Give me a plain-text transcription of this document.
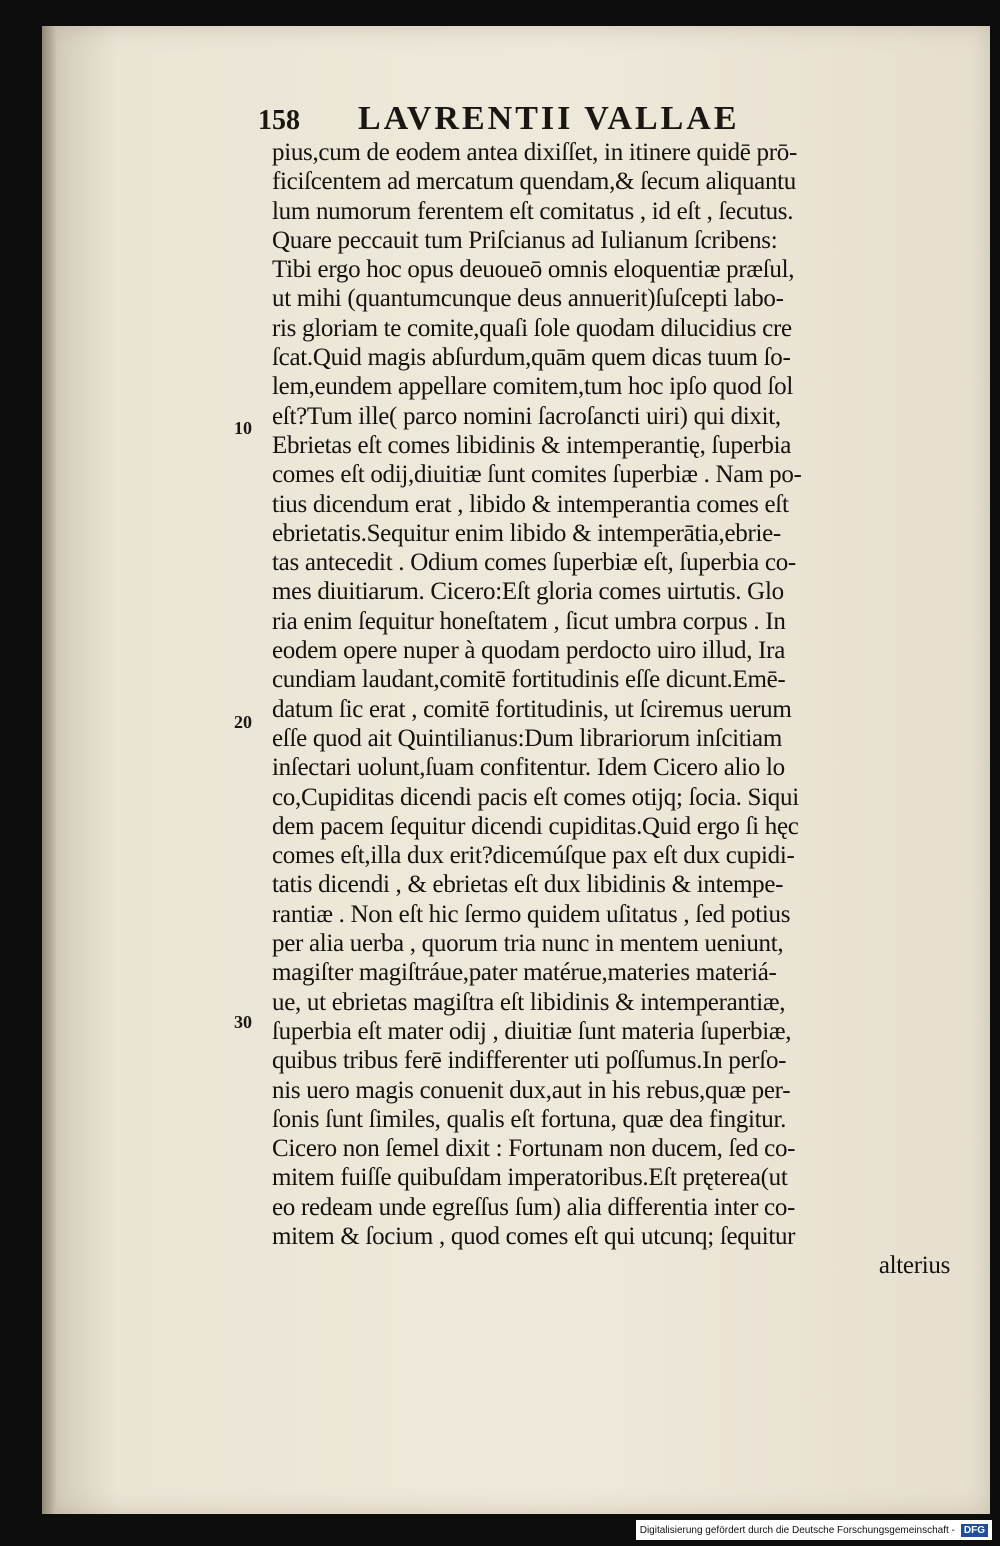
158	LAVRENTII VALLAE
10
20
30
pius,cum de eodem antea dixiſſet, in itinere quidē prō-
ficiſcentem ad mercatum quendam,& ſecum aliquantu
lum numorum ferentem eſt comitatus , id eſt , ſecutus.
Quare peccauit tum Priſcianus ad Iulianum ſcribens:
Tibi ergo hoc opus deuoueō omnis eloquentiæ præſul,
ut mihi (quantumcunque deus annuerit)ſuſcepti labo-
ris gloriam te comite,quaſi ſole quodam dilucidius cre
ſcat.Quid magis abſurdum,quām quem dicas tuum ſo-
lem,eundem appellare comitem,tum hoc ipſo quod ſol
eſt?Tum ille( parco nomini ſacroſancti uiri) qui dixit,
Ebrietas eſt comes libidinis & intemperantię, ſuperbia
comes eſt odij,diuitiæ ſunt comites ſuperbiæ . Nam po-
tius dicendum erat , libido & intemperantia comes eſt
ebrietatis.Sequitur enim libido & intemperātia,ebrie-
tas antecedit . Odium comes ſuperbiæ eſt, ſuperbia co-
mes diuitiarum. Cicero:Eſt gloria comes uirtutis. Glo
ria enim ſequitur honeſtatem , ſicut umbra corpus . In
eodem opere nuper à quodam perdocto uiro illud, Ira
cundiam laudant,comitē fortitudinis eſſe dicunt.Emē-
datum ſic erat , comitē fortitudinis, ut ſciremus uerum
eſſe quod ait Quintilianus:Dum librariorum inſcitiam
inſectari uolunt,ſuam confitentur. Idem Cicero alio lo
co,Cupiditas dicendi pacis eſt comes otijq; ſocia. Siqui
dem pacem ſequitur dicendi cupiditas.Quid ergo ſi hęc
comes eſt,illa dux erit?dicemúſque pax eſt dux cupidi-
tatis dicendi , & ebrietas eſt dux libidinis & intempe-
rantiæ . Non eſt hic ſermo quidem uſitatus , ſed potius
per alia uerba , quorum tria nunc in mentem ueniunt,
magiſter magiſtráue,pater matérue,materies materiá-
ue, ut ebrietas magiſtra eſt libidinis & intemperantiæ,
ſuperbia eſt mater odij , diuitiæ ſunt materia ſuperbiæ,
quibus tribus ferē indifferenter uti poſſumus.In perſo-
nis uero magis conuenit dux,aut in his rebus,quæ per-
ſonis ſunt ſimiles, qualis eſt fortuna, quæ dea fingitur.
Cicero non ſemel dixit : Fortunam non ducem, ſed co-
mitem fuiſſe quibuſdam imperatoribus.Eſt pręterea(ut
eo redeam unde egreſſus ſum) alia differentia inter co-
mitem & ſocium , quod comes eſt qui utcunq; ſequitur
alterius
Digitalisierung gefördert durch die Deutsche Forschungsgemeinschaft - DFG
